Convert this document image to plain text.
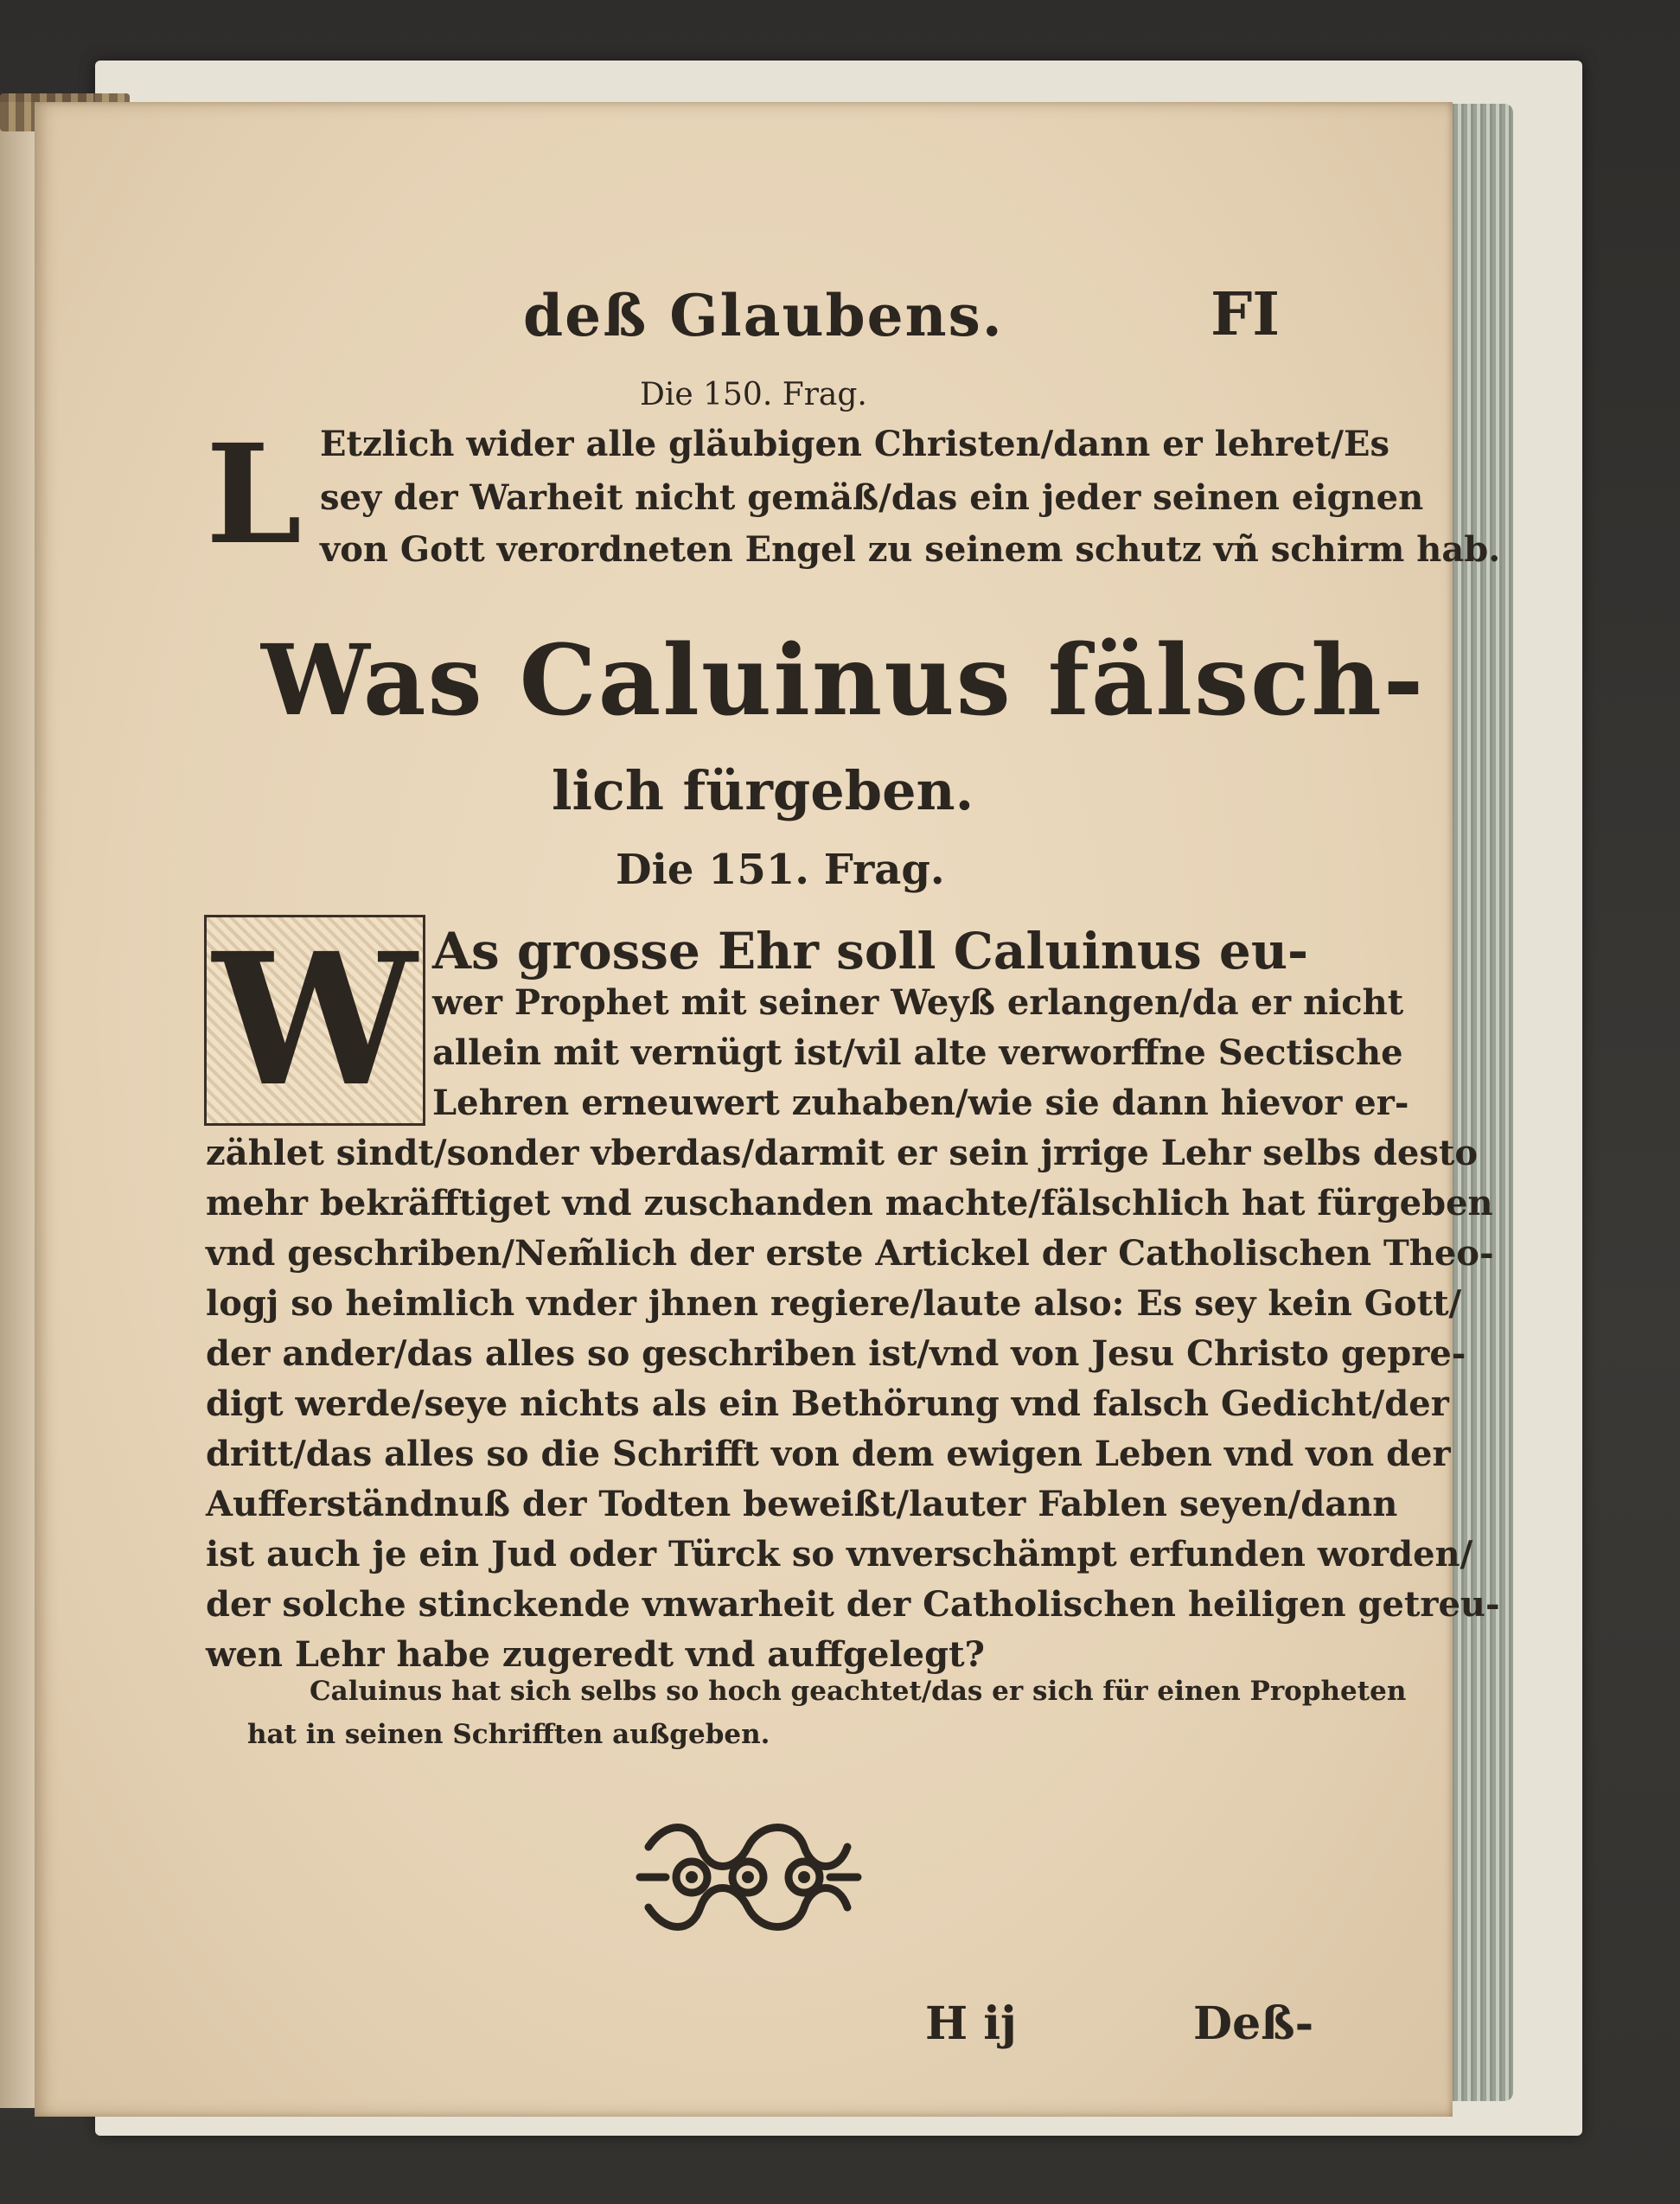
deß Glaubens.	FI
Die 150. Frag.
L Etzlich wider alle gläubigen Christen/dann er lehret/Es
sey der Warheit nicht gemäß/das ein jeder seinen eignen
von Gott verordneten Engel zu seinem schutz vñ schirm hab.
Was Caluinus fälsch-
lich fürgeben.
Die 151. Frag.
W As grosse Ehr soll Caluinus eu-
wer Prophet mit seiner Weyß erlangen/da er nicht
allein mit vernügt ist/vil alte verworffne Sectische
Lehren erneuwert zuhaben/wie sie dann hievor er-
zählet sindt/sonder vberdas/darmit er sein jrrige Lehr selbs desto
mehr bekräfftiget vnd zuschanden machte/fälschlich hat fürgeben
vnd geschriben/Nem̃lich der erste Artickel der Catholischen Theo-
logj so heimlich vnder jhnen regiere/laute also: Es sey kein Gott/
der ander/das alles so geschriben ist/vnd von Jesu Christo gepre-
digt werde/seye nichts als ein Bethörung vnd falsch Gedicht/der
dritt/das alles so die Schrifft von dem ewigen Leben vnd von der
Aufferständnuß der Todten beweißt/lauter Fablen seyen/dann
ist auch je ein Jud oder Türck so vnverschämpt erfunden worden/
der solche stinckende vnwarheit der Catholischen heiligen getreu-
wen Lehr habe zugeredt vnd auffgelegt?
Caluinus hat sich selbs so hoch geachtet/das er sich für einen Propheten
hat in seinen Schrifften außgeben.
H ij	Deß-
